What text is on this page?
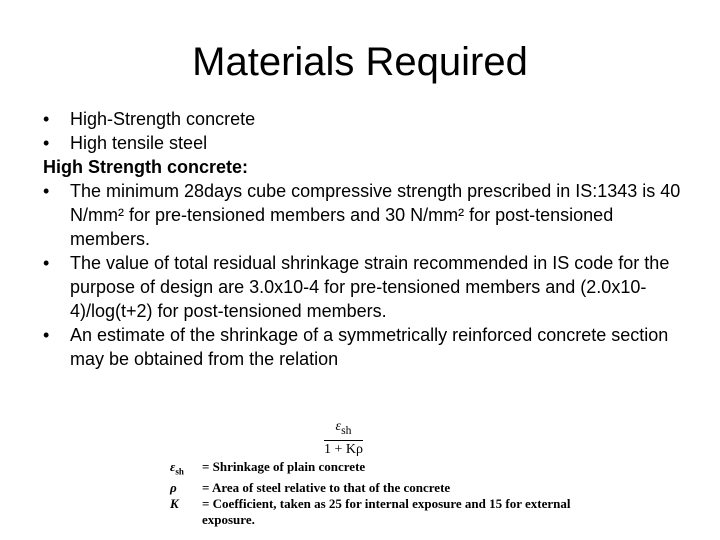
Materials Required
•	High-Strength concrete
•	High tensile steel
High Strength concrete:
•	The minimum 28days cube compressive strength prescribed in IS:1343 is 40 N/mm² for pre-tensioned members and 30 N/mm² for post-tensioned members.
•	The value of total residual shrinkage strain recommended in IS code for the purpose of design are 3.0x10-4 for pre-tensioned members and (2.0x10-4)/log(t+2) for post-tensioned members.
•	An estimate of the shrinkage of a symmetrically reinforced concrete section may be obtained from the relation
$\varepsilon_{sh}$
1 + Kρ
$\varepsilon_{sh}$	= Shrinkage of plain concrete
ρ	= Area of steel relative to that of the concrete
K	= Coefficient, taken as 25 for internal exposure and 15 for external exposure.
